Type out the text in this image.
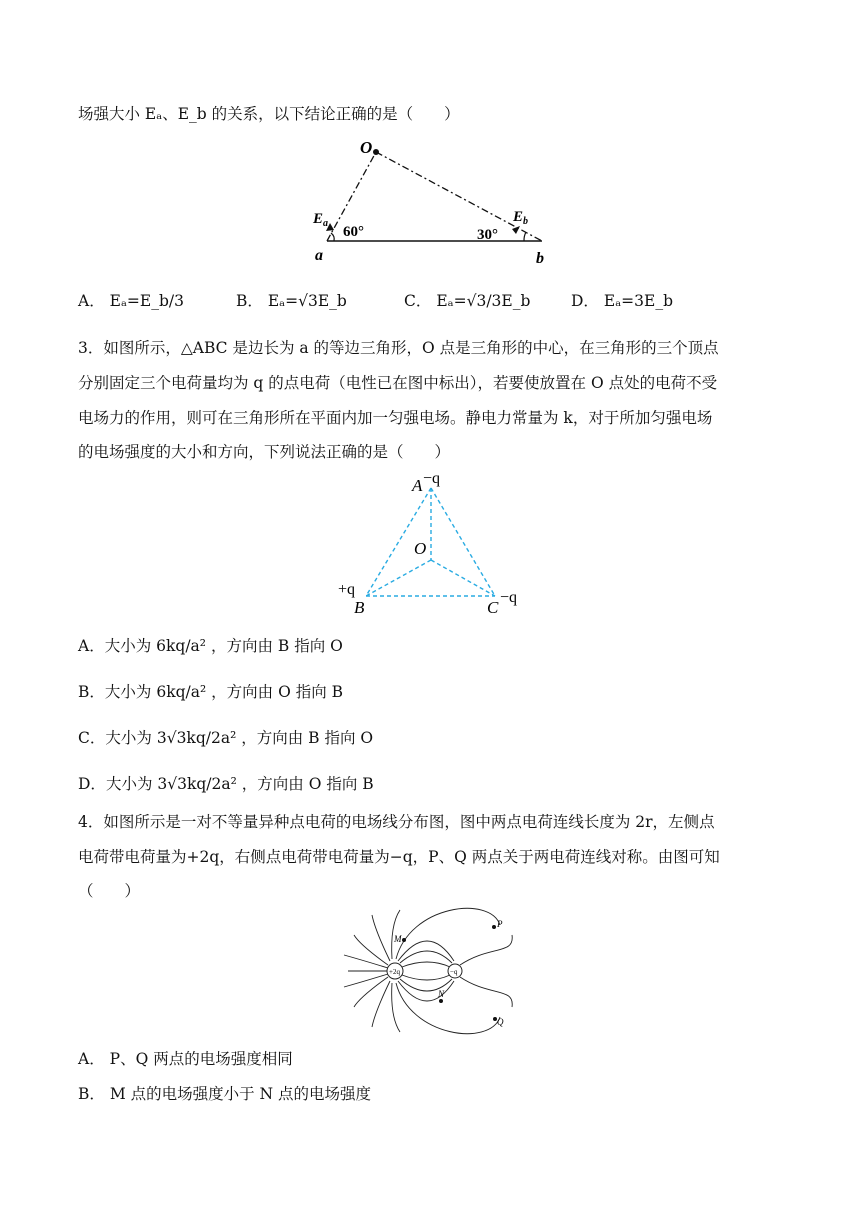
场强大小 Eₐ、E_b 的关系，以下结论正确的是（　　）
O
$E_a$
60°	30°
$E_b$
a	b
A． Eₐ=E_b/3	B． Eₐ=√3E_b	C． Eₐ=√3/3E_b	D． Eₐ=3E_b
3．如图所示，△ABC 是边长为 a 的等边三角形，O 点是三角形的中心，在三角形的三个顶点
分别固定三个电荷量均为 q 的点电荷（电性已在图中标出），若要使放置在 O 点处的电荷不受
电场力的作用，则可在三角形所在平面内加一匀强电场。静电力常量为 k，对于所加匀强电场
的电场强度的大小和方向，下列说法正确的是（　　）
A −q
O
+q
B	C
−q
A．大小为 6kq/a² ，方向由 B 指向 O
B．大小为 6kq/a² ，方向由 O 指向 B
C．大小为 3√3kq/2a² ，方向由 B 指向 O
D．大小为 3√3kq/2a² ，方向由 O 指向 B
4．如图所示是一对不等量异种点电荷的电场线分布图，图中两点电荷连线长度为 2r，左侧点
电荷带电荷量为+2q，右侧点电荷带电荷量为−q，P、Q 两点关于两电荷连线对称。由图可知
（　　）
+2q	−q
M
N
P
Q
A． P、Q 两点的电场强度相同
B． M 点的电场强度小于 N 点的电场强度
